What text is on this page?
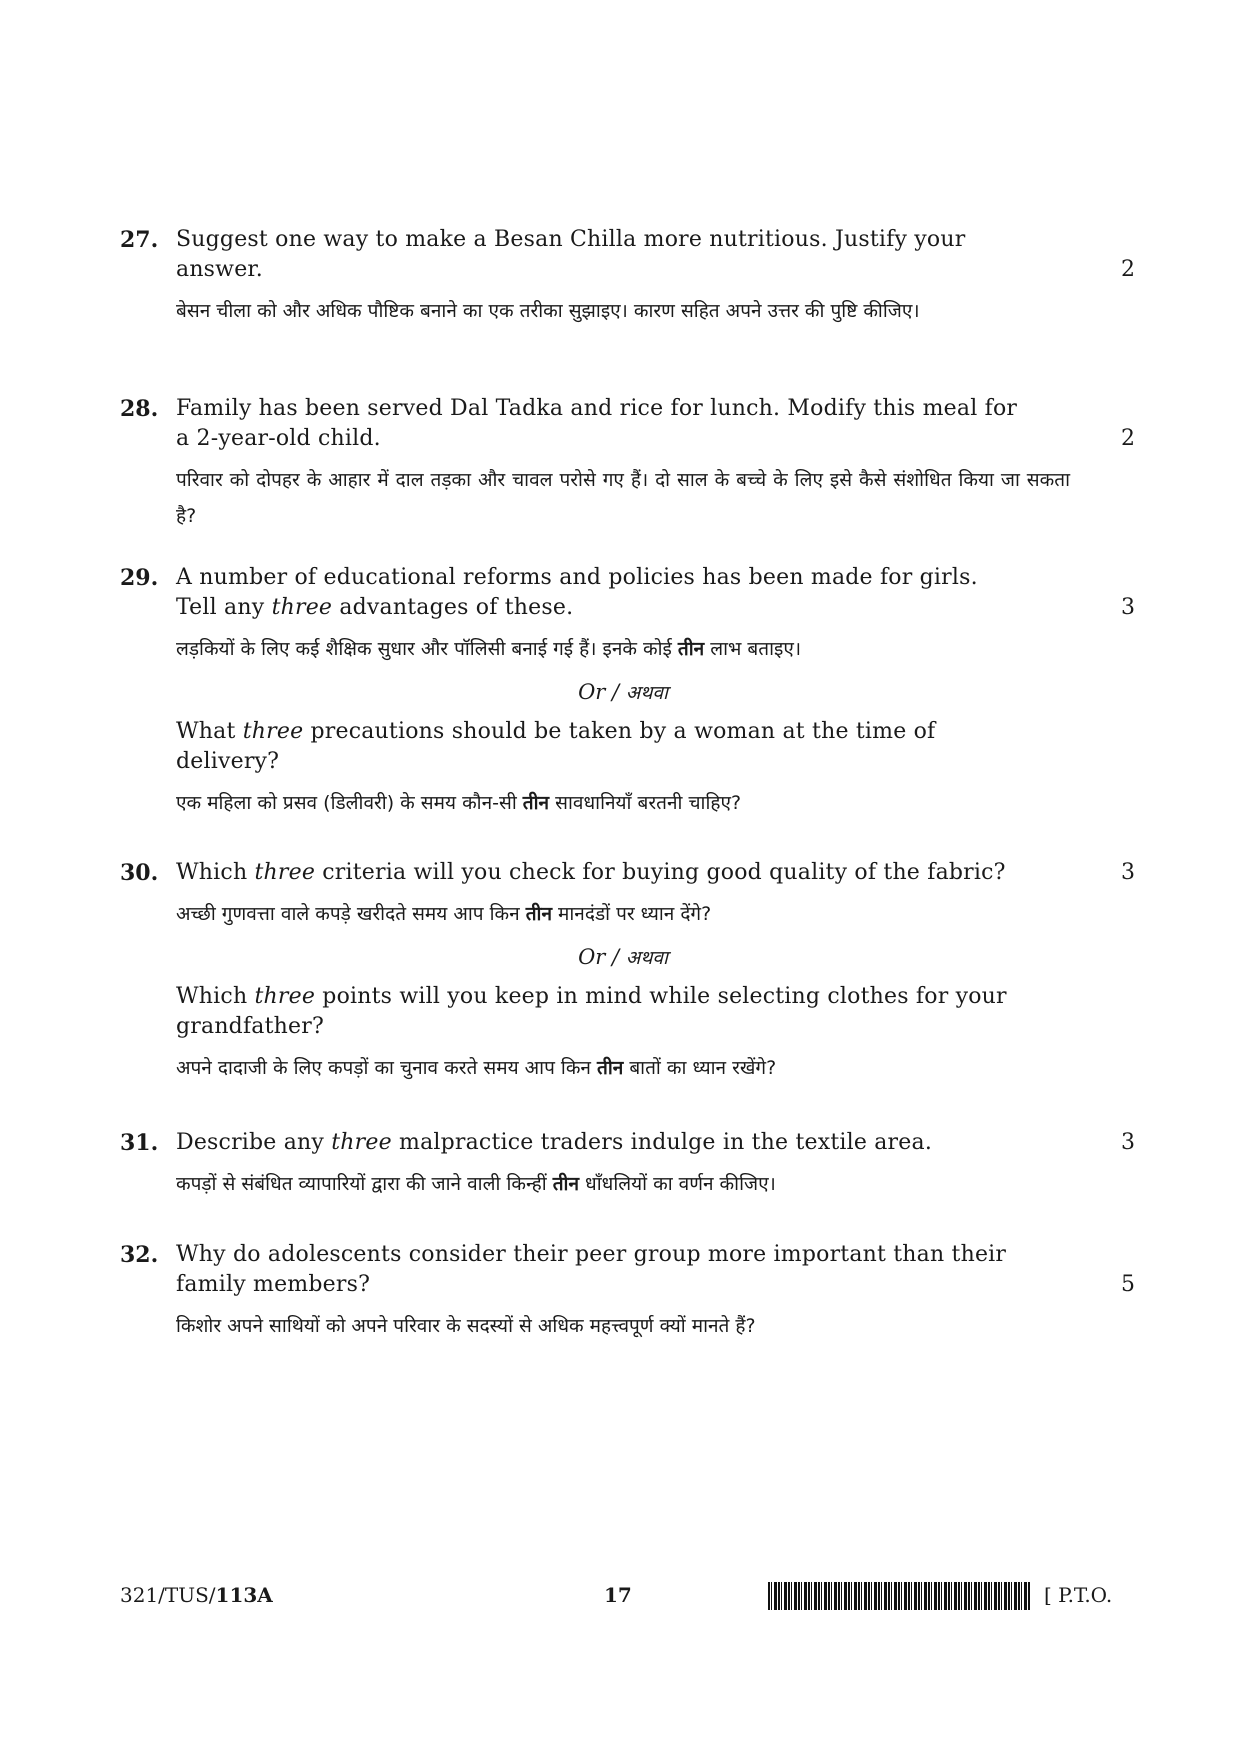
27. Suggest one way to make a Besan Chilla more nutritious. Justify your
answer.
बेसन चीला को और अधिक पौष्टिक बनाने का एक तरीका सुझाइए। कारण सहित अपने उत्तर की पुष्टि कीजिए।
2
28. Family has been served Dal Tadka and rice for lunch. Modify this meal for
a 2-year-old child.
परिवार को दोपहर के आहार में दाल तड़का और चावल परोसे गए हैं। दो साल के बच्चे के लिए इसे कैसे संशोधित किया जा सकता है?
2
29. A number of educational reforms and policies has been made for girls.
Tell any three advantages of these.
लड़कियों के लिए कई शैक्षिक सुधार और पॉलिसी बनाई गई हैं। इनके कोई तीन लाभ बताइए।
Or / अथवा
What three precautions should be taken by a woman at the time of
delivery?
एक महिला को प्रसव (डिलीवरी) के समय कौन-सी तीन सावधानियाँ बरतनी चाहिए?
3
30. Which three criteria will you check for buying good quality of the fabric?
अच्छी गुणवत्ता वाले कपड़े खरीदते समय आप किन तीन मानदंडों पर ध्यान देंगे?
Or / अथवा
Which three points will you keep in mind while selecting clothes for your
grandfather?
अपने दादाजी के लिए कपड़ों का चुनाव करते समय आप किन तीन बातों का ध्यान रखेंगे?
3
31. Describe any three malpractice traders indulge in the textile area.
कपड़ों से संबंधित व्यापारियों द्वारा की जाने वाली किन्हीं तीन धाँधलियों का वर्णन कीजिए।
3
32. Why do adolescents consider their peer group more important than their
family members?
किशोर अपने साथियों को अपने परिवार के सदस्यों से अधिक महत्त्वपूर्ण क्यों मानते हैं?
5
321/TUS/113A	17	[ P.T.O.
